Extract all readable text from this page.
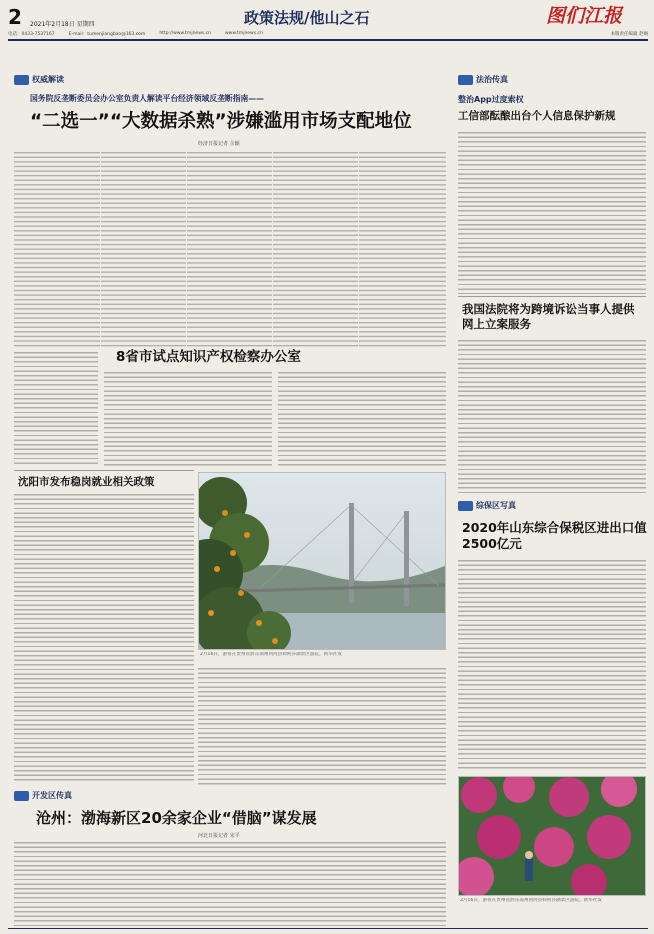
2 2021年2月18日 星期四	政策法规/他山之石	图们江报
电话：0433-7537167	E-mail：tumenjiangbao@163.com	http://www.tmjnews.cn	www.tmjnews.cn	本版责任编辑 赵娴
权威解读
国务院反垄断委员会办公室负责人解读平台经济领域反垄断指南——
“二选一”“大数据杀熟”涉嫌滥用市场支配地位
经济日报记者 佘颖
8省市试点知识产权检察办公室
沈阳市发布稳岗就业相关政策
2月16日，游客在贵州省黔东南州剑河县仰阿莎湖景区游玩。新华社发
法治传真
整治App过度索权
工信部酝酿出台个人信息保护新规
我国法院将为跨境诉讼当事人提供网上立案服务
综保区写真
2020年山东综合保税区进出口值2500亿元
开发区传真
沧州：渤海新区20余家企业“借脑”谋发展
河北日报记者 宋平
2月16日，游客在贵州省黔东南州剑河县仰阿莎湖景区游玩。新华社发
